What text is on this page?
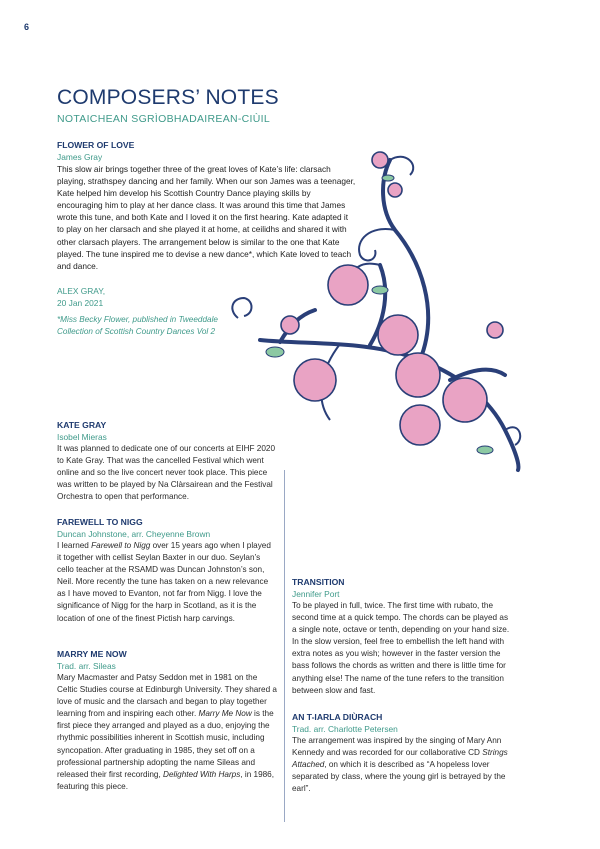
6
COMPOSERS’ NOTES
NOTAICHEAN SGRÌOBHADAIREAN-CIÙIL

FLOWER OF LOVE

James Gray

This slow air brings together three of the great loves of Kate’s life: clarsach playing, strathspey dancing and her family. When our son James was a teenager, Kate helped him develop his Scottish Country Dance playing skills by encouraging him to play at her dance class. It was around this time that James wrote this tune, and both Kate and I loved it on the first hearing. Kate adapted it to play on her clarsach and she played it at home, at ceilidhs and shared it with other clarsach players. The arrangement below is similar to the one that Kate played. The tune inspired me to devise a new dance*, which Kate loved to teach and dance.

ALEX GRAY,
20 Jan 2021
*Miss Becky Flower, published in Tweeddale
Collection of Scottish Country Dances Vol 2

KATE GRAY

Isobel Mieras

It was planned to dedicate one of our concerts at EIHF 2020 to Kate Gray. That was the cancelled Festival which went online and so the live concert never took place. This piece was written to be played by Na Clàrsairean and the Festival Orchestra to open that performance.

FAREWELL TO NIGG

Duncan Johnstone, arr. Cheyenne Brown

I learned Farewell to Nigg over 15 years ago when I played it together with cellist Seylan Baxter in our duo. Seylan’s cello teacher at the RSAMD was Duncan Johnston’s son, Neil. More recently the tune has taken on a new relevance as I have moved to Evanton, not far from Nigg. I love the significance of Nigg for the harp in Scotland, as it is the location of one of the finest Pictish harp carvings.

MARRY ME NOW

Trad. arr. Sileas

Mary Macmaster and Patsy Seddon met in 1981 on the Celtic Studies course at Edinburgh University. They shared a love of music and the clarsach and began to play together learning from and inspiring each other. Marry Me Now is the first piece they arranged and played as a duo, enjoying the rhythmic possibilities inherent in Scottish music, including syncopation. After graduating in 1985, they set off on a professional partnership adopting the name Sileas and released their first recording, Delighted With Harps, in 1986, featuring this piece.

TRANSITION

Jennifer Port

To be played in full, twice. The first time with rubato, the second time at a quick tempo. The chords can be played as a single note, octave or tenth, depending on your hand size. In the slow version, feel free to embellish the left hand with extra notes as you wish; however in the faster version the bass follows the chords as written and there is little time for anything else! The name of the tune refers to the transition between slow and fast.

AN T-IARLA DIÙRACH

Trad. arr. Charlotte Petersen

The arrangement was inspired by the singing of Mary Ann Kennedy and was recorded for our collaborative CD Strings Attached, on which it is described as “A hopeless lover separated by class, where the young girl is betrayed by the earl”.
